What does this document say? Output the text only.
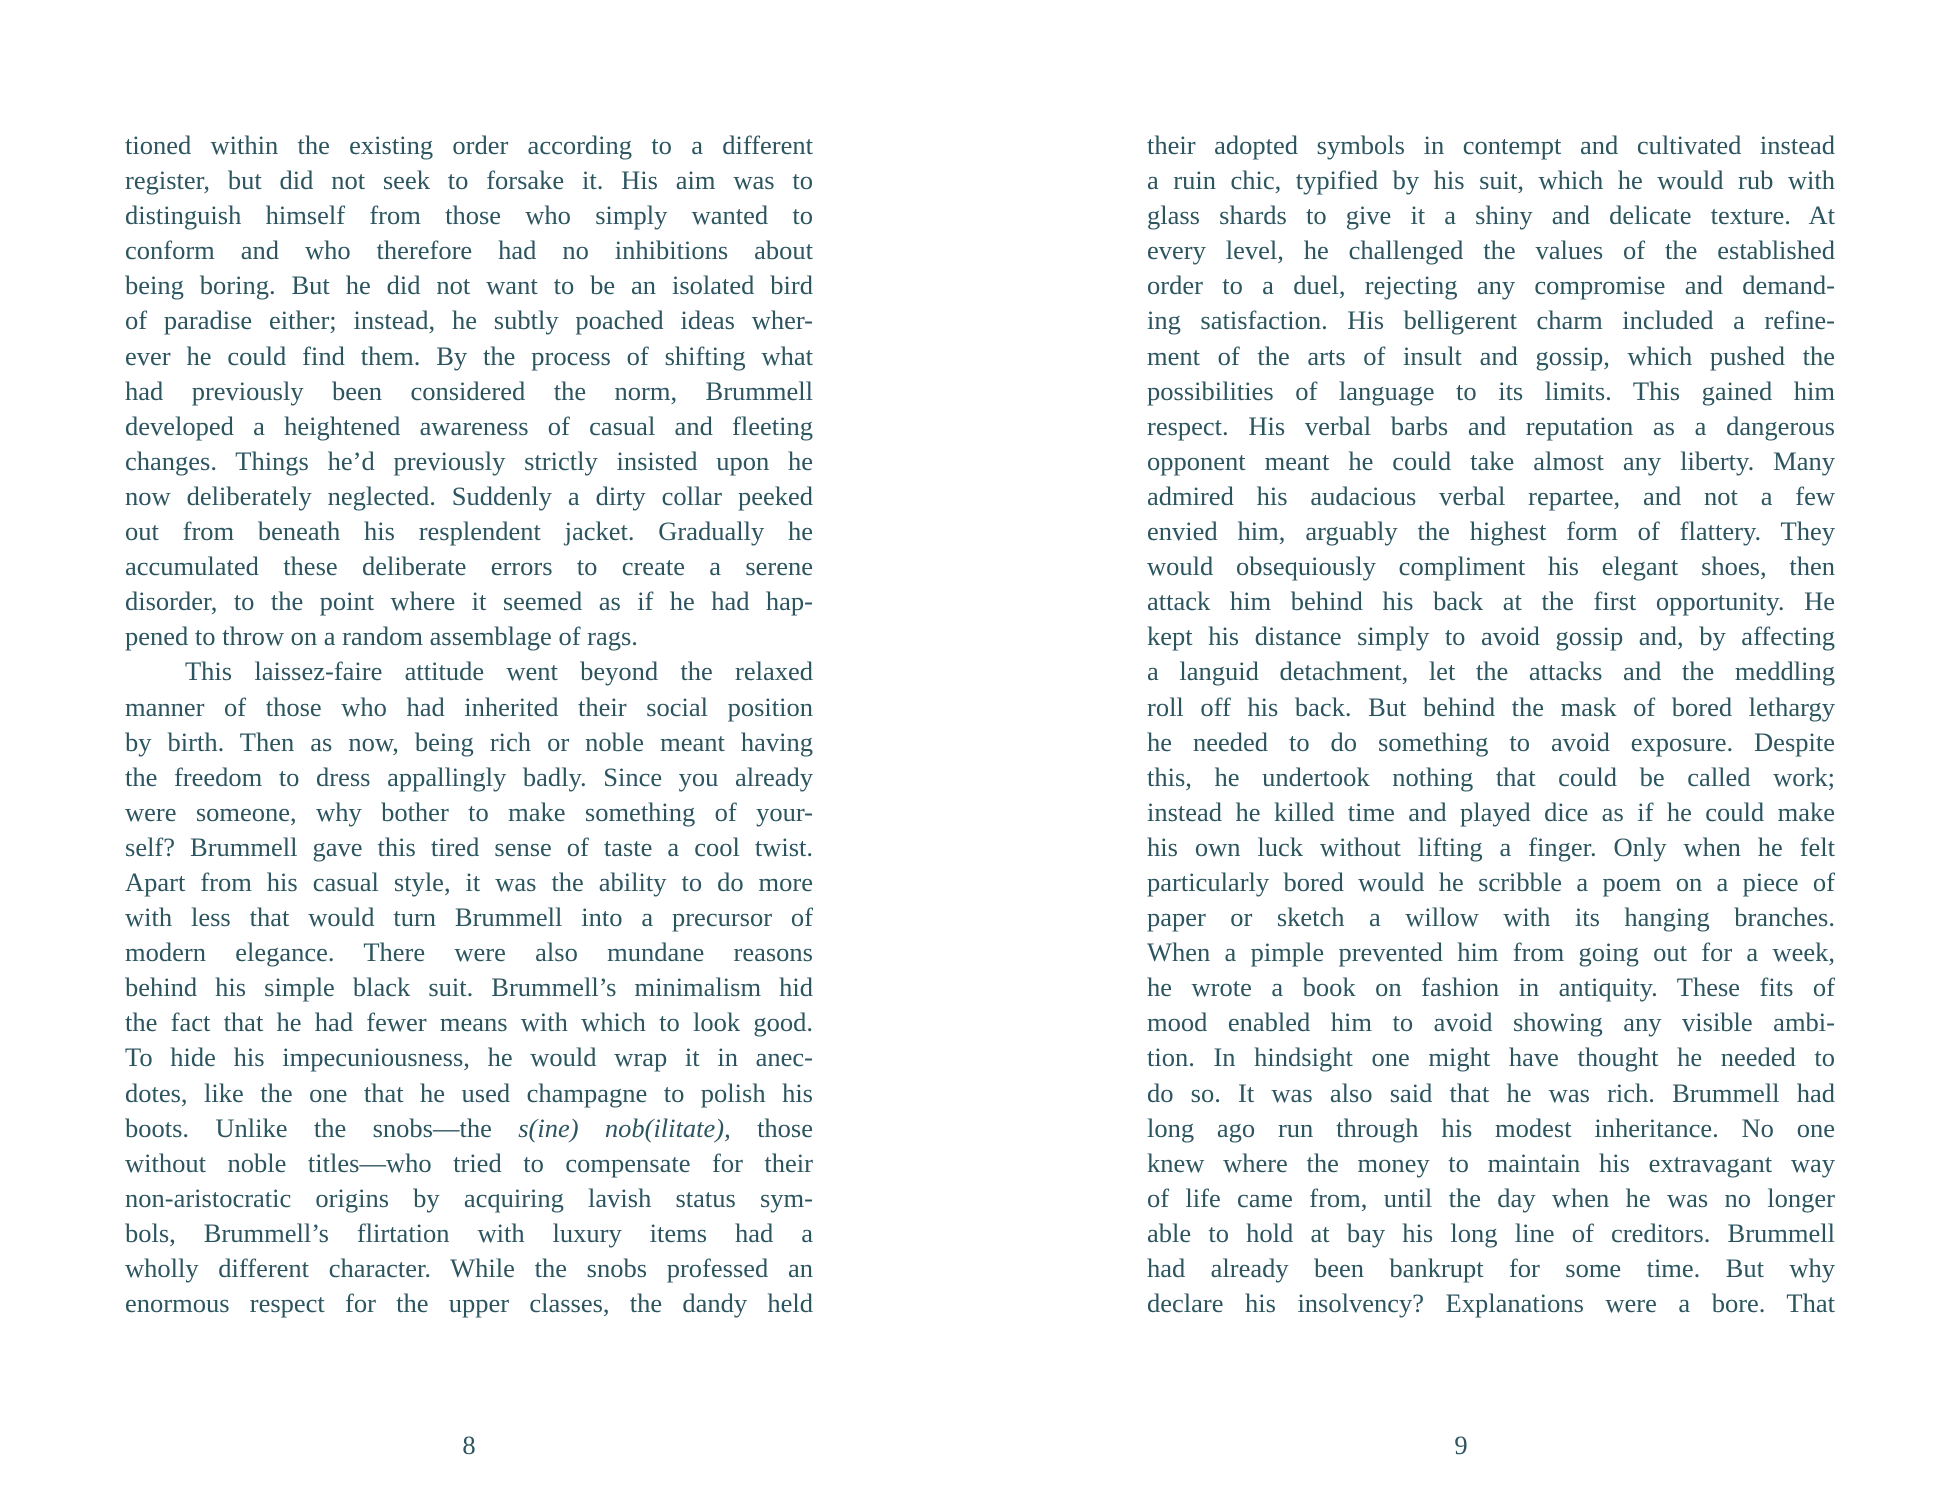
tioned within the existing order according to a different
register, but did not seek to forsake it. His aim was to
distinguish himself from those who simply wanted to
conform and who therefore had no inhibitions about
being boring. But he did not want to be an isolated bird
of paradise either; instead, he subtly poached ideas wher-
ever he could find them. By the process of shifting what
had previously been considered the norm, Brummell
developed a heightened awareness of casual and fleeting
changes. Things he’d previously strictly insisted upon he
now deliberately neglected. Suddenly a dirty collar peeked
out from beneath his resplendent jacket. Gradually he
accumulated these deliberate errors to create a serene
disorder, to the point where it seemed as if he had hap-
pened to throw on a random assemblage of rags.
This laissez-faire attitude went beyond the relaxed
manner of those who had inherited their social position
by birth. Then as now, being rich or noble meant having
the freedom to dress appallingly badly. Since you already
were someone, why bother to make something of your-
self? Brummell gave this tired sense of taste a cool twist.
Apart from his casual style, it was the ability to do more
with less that would turn Brummell into a precursor of
modern elegance. There were also mundane reasons
behind his simple black suit. Brummell’s minimalism hid
the fact that he had fewer means with which to look good.
To hide his impecuniousness, he would wrap it in anec-
dotes, like the one that he used champagne to polish his
boots. Unlike the snobs—the s(ine) nob(ilitate), those
without noble titles—who tried to compensate for their
non-aristocratic origins by acquiring lavish status sym-
bols, Brummell’s flirtation with luxury items had a
wholly different character. While the snobs professed an
enormous respect for the upper classes, the dandy held
8
their adopted symbols in contempt and cultivated instead
a ruin chic, typified by his suit, which he would rub with
glass shards to give it a shiny and delicate texture. At
every level, he challenged the values of the established
order to a duel, rejecting any compromise and demand-
ing satisfaction. His belligerent charm included a refine-
ment of the arts of insult and gossip, which pushed the
possibilities of language to its limits. This gained him
respect. His verbal barbs and reputation as a dangerous
opponent meant he could take almost any liberty. Many
admired his audacious verbal repartee, and not a few
envied him, arguably the highest form of flattery. They
would obsequiously compliment his elegant shoes, then
attack him behind his back at the first opportunity. He
kept his distance simply to avoid gossip and, by affecting
a languid detachment, let the attacks and the meddling
roll off his back. But behind the mask of bored lethargy
he needed to do something to avoid exposure. Despite
this, he undertook nothing that could be called work;
instead he killed time and played dice as if he could make
his own luck without lifting a finger. Only when he felt
particularly bored would he scribble a poem on a piece of
paper or sketch a willow with its hanging branches.
When a pimple prevented him from going out for a week,
he wrote a book on fashion in antiquity. These fits of
mood enabled him to avoid showing any visible ambi-
tion. In hindsight one might have thought he needed to
do so. It was also said that he was rich. Brummell had
long ago run through his modest inheritance. No one
knew where the money to maintain his extravagant way
of life came from, until the day when he was no longer
able to hold at bay his long line of creditors. Brummell
had already been bankrupt for some time. But why
declare his insolvency? Explanations were a bore. That
9
